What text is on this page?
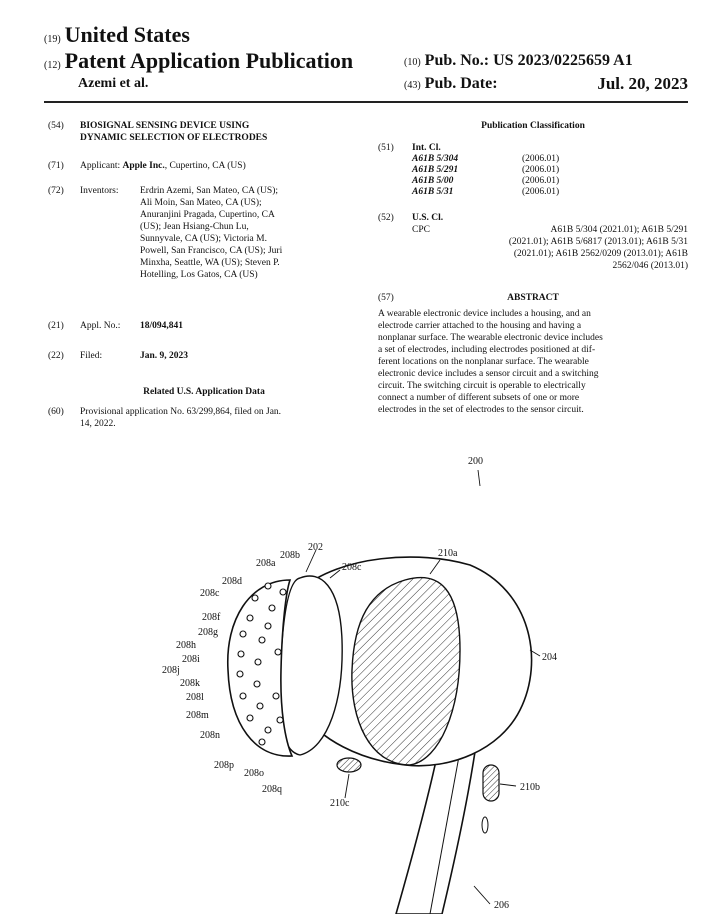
(19) United States
(12) Patent Application Publication
Azemi et al.
(10) Pub. No.: US 2023/0225659 A1
(43) Pub. Date:	Jul. 20, 2023
(54) BIOSIGNAL SENSING DEVICE USING
DYNAMIC SELECTION OF ELECTRODES
(71) Applicant: Apple Inc., Cupertino, CA (US)
(72) Inventors: Erdrin Azemi, San Mateo, CA (US);
Ali Moin, San Mateo, CA (US);
Anuranjini Pragada, Cupertino, CA
(US); Jean Hsiang-Chun Lu,
Sunnyvale, CA (US); Victoria M.
Powell, San Francisco, CA (US); Juri
Minxha, Seattle, WA (US); Steven P.
Hotelling, Los Gatos, CA (US)
(21) Appl. No.: 18/094,841
(22) Filed:	Jan. 9, 2023
Related U.S. Application Data
(60) Provisional application No. 63/299,864, filed on Jan.
14, 2022.
Publication Classification
(51) Int. Cl.
A61B 5/304	(2006.01)
A61B 5/291	(2006.01)
A61B 5/00	(2006.01)
A61B 5/31	(2006.01)
(52) U.S. Cl.
CPC	A61B 5/304 (2021.01); A61B 5/291
(2021.01); A61B 5/6817 (2013.01); A61B 5/31
(2021.01); A61B 2562/0209 (2013.01); A61B
2562/046 (2013.01)
(57)	ABSTRACT
A wearable electronic device includes a housing, and an
electrode carrier attached to the housing and having a
nonplanar surface. The wearable electronic device includes
a set of electrodes, including electrodes positioned at dif-
ferent locations on the nonplanar surface. The wearable
electronic device includes a sensor circuit and a switching
circuit. The switching circuit is operable to electrically
connect a number of different subsets of one or more
electrodes in the set of electrodes to the sensor circuit.
200
202
204
206
210a
210b
210c
208a
208b
208c
208c
208d
208f
208g
208h
208i
208j
208k
208l
208m
208n
208o
208p
208q
